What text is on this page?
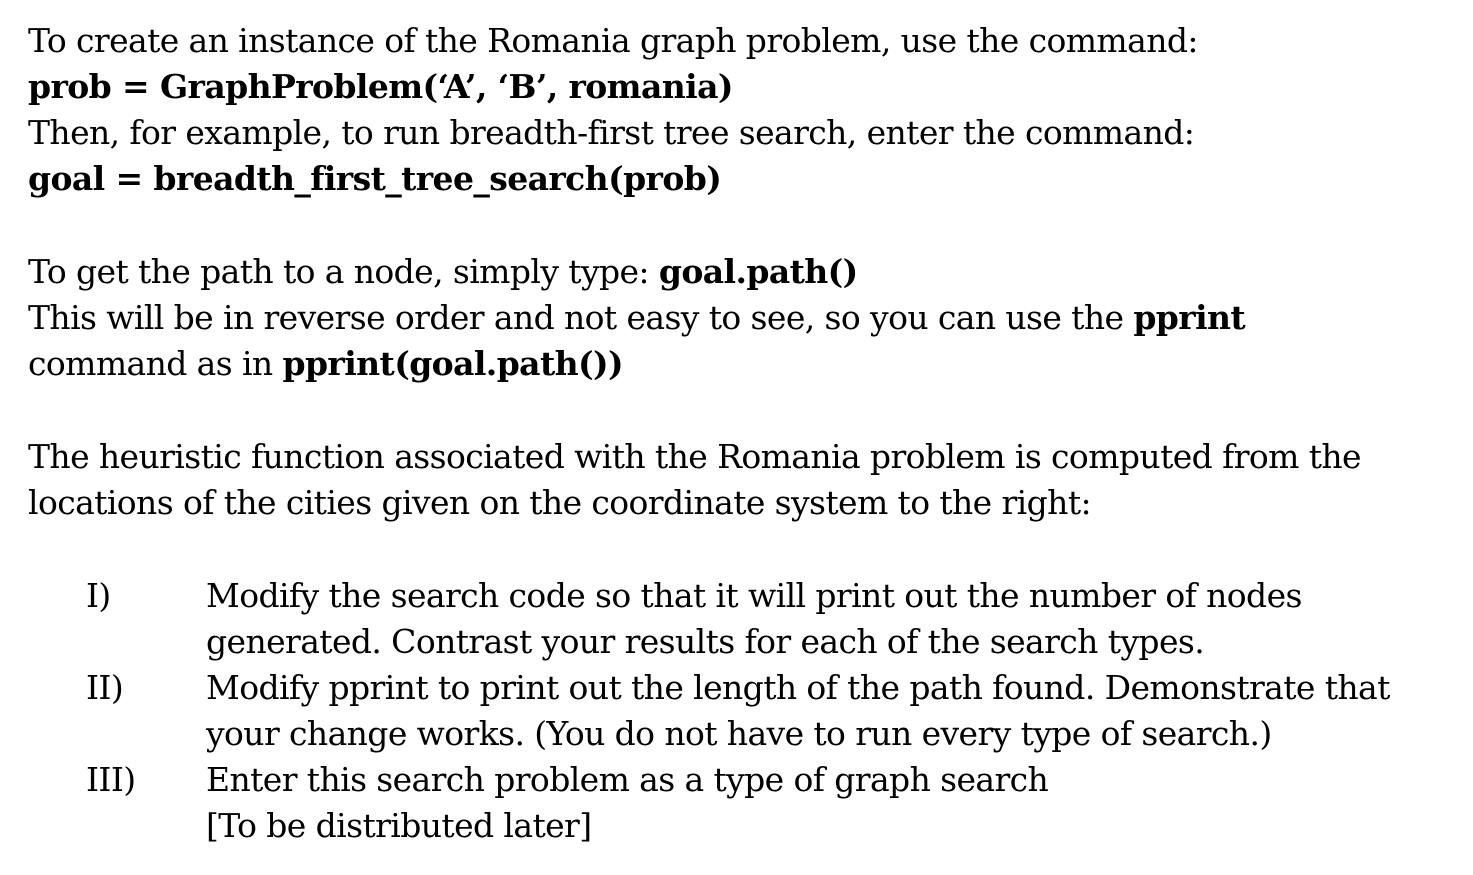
To create an instance of the Romania graph problem, use the command:
prob = GraphProblem(‘A’, ‘B’, romania)
Then, for example, to run breadth-first tree search, enter the command:
goal = breadth_first_tree_search(prob)
To get the path to a node, simply type: goal.path()
This will be in reverse order and not easy to see, so you can use the pprint
command as in pprint(goal.path())
The heuristic function associated with the Romania problem is computed from the
locations of the cities given on the coordinate system to the right:
I)	Modify the search code so that it will print out the number of nodes
generated. Contrast your results for each of the search types.
II)	Modify pprint to print out the length of the path found. Demonstrate that
your change works. (You do not have to run every type of search.)
III)	Enter this search problem as a type of graph search
[To be distributed later]
